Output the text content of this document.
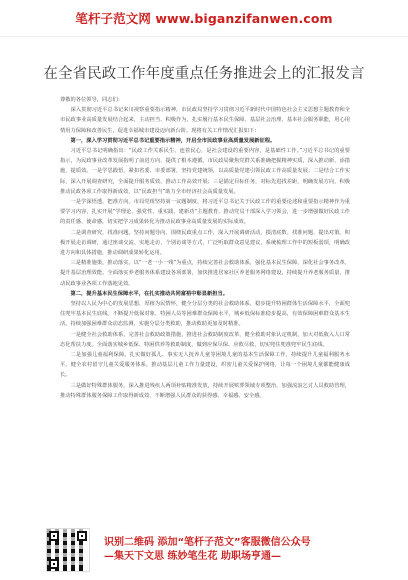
笔杆子范文网 www.biganzifanwen.com
在全省民政工作年度重点任务推进会上的汇报发言

尊敬的各位领导，同志们：

深入贯彻习近平总书记来川视察重要指示精神，市民政局坚持学习贯彻习近平新时代中国特色社会主义思想主题教育和全市民政事业高质量发展结合起来，主动担当、积极作为，扎实履行基本民生保障、基层社会治理、基本社会服务职能，用心用情用力保障和改善民生，促进幸福城市建设迈向新台阶。现将有关工作情况汇报如下：

第一，深入学习贯彻习近平总书记重要指示精神，开启全市民政事业高质量发展新征程。

习近平总书记明确指出：“民政工作关系民生、连着民心，是社会建设的重要内容，是基础性工作。”习近平总书记的重要指示，为民政事业改革发展指明了前进方向、提供了根本遵循。市民政局聚焦党群关系准确把握精神实质，深入推动新、添措施，提质效。一是学思践悟，紧扣省委、市委部署，坚持党建统领，以高质量党建引领民政工作高质量发展；二是结合工作实际，深入开展调查研究，全面提升服务质效，推动工作高效开展；三是锚定目标任务，对标先进找差距，明确发展方向，积极推动民政各项工作取得新成效，以“民政担当”助力全市经济社会高质量发展。

一是学深悟透，把准方向。市局党组坚持第一议题制度，将习近平总书记关于民政工作的重要论述和重要指示精神作为重要学习内容，扎实开展“学理论、强党性、重实践、建新功”主题教育，推动党员干部深入学习领会，进一步增强做好民政工作的责任感、使命感，切实把学习成果转化为推动民政事业高质量发展的实际成效。

二是调查研究，找准问题。坚持问题导向，围绕民政重点工作，深入开展调研活动，摸清底数、找准问题、提出对策。积极开展走访调研，通过座谈交流、实地走访、个别访谈等方式，广泛听取群众意见建议，系统梳理工作中的短板弱项，明确改进方向和具体措施，推动调研成果转化运用。

三是精准施策，推动落实。以“一老一小一残”为重点，持续完善社会救助体系，强化基本民生保障，深化社会事务改革，提升基层治理效能。全面落实养老服务体系建设各项部署，加快推进居家社区养老服务网络建设，持续提升养老服务质量，推动民政事业各项工作落地见效。

第二，提升基本民生保障水平，在扎实推动共同富裕中彰显新担当。

坚持以人民为中心的发展思想，厚植为民情怀，健全分层分类的社会救助体系，稳步提升特困群体生活保障水平，全面兜住兜牢基本民生底线。不断提升低保对象、特困人员等困难群众保障水平，城乡低保标准稳步提高，有效保障困难群众基本生活。持续加强困难群众动态监测，实施分层分类救助，推动救助更加及时精准。

一是健全社会救助体系。完善社会救助政策措施，推进社会救助制度改革，健全救助对象认定机制，加大对低收入人口常态化帮扶力度。全面落实城乡低保、特困供养等救助制度，做到应保尽保、应救尽救，切实兜住兜准兜牢民生底线。

二是加强儿童福利保障。扎实做好孤儿、事实无人抚养儿童等困境儿童的基本生活保障工作，持续提升儿童福利服务水平。健全农村留守儿童关爱服务体系，推动基层儿童工作力量建设，织密儿童关爱保护网络，让每一个困境儿童都能健康成长。

三是做好特殊群体服务。深入推进残疾人两项补贴精准发放，持续开展殡葬领域专项整治，加强流浪乞讨人员救助管理，推动特殊群体服务保障工作取得新成效，不断增强人民群众的获得感、幸福感、安全感。

识别二维码 添加“笔杆子范文”客服微信公众号
—集天下文思 练妙笔生花 助职场亨通—
